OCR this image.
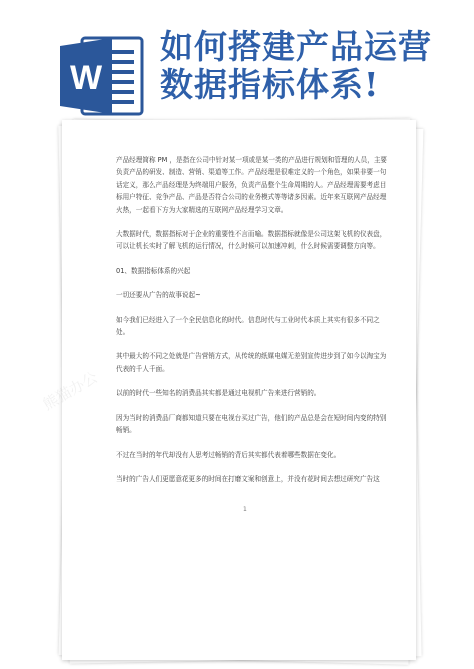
W
如何搭建产品运营
数据指标体系!

产品经理简称 PM ，是指在公司中针对某一项或是某一类的产品进行规划和管理的人员，主要负责产品的研发、制造、营销、渠道等工作。产品经理是很难定义的一个角色，如果非要一句话定义，那么产品经理是为终端用户服务，负责产品整个生命周期的人。产品经理需要考虑目标用户特征、竞争产品、产品是否符合公司的业务模式等等诸多因素。近年来互联网产品经理火热，一起看下方为大家精选的互联网产品经理学习文章。

大数据时代，数据指标对于企业的重要性不言而喻。数据指标就像是公司这架飞机的仪表盘，可以让机长实时了解飞机的运行情况，什么时候可以加速冲刺，什么时候需要调整方向等。

01、数据指标体系的兴起

一切还要从广告的故事说起~

如今我们已经进入了一个全民信息化的时代。信息时代与工业时代本质上其实有很多不同之处。

其中最大的不同之处就是广告营销方式，从传统的纸媒电媒无差别宣传进步到了如今以淘宝为代表的千人千面。

以前的时代一些知名的消费品其实都是通过电视机广告来进行营销的。

因为当时的消费品厂商都知道只要在电视台买过广告，他们的产品总是会在短时间内变的特别畅销。

不过在当时的年代却没有人思考过畅销的背后其实都代表着哪些数据在变化。

当时的广告人们更愿意花更多的时间在打磨文案和创意上，并没有花时间去想过研究广告这

1
